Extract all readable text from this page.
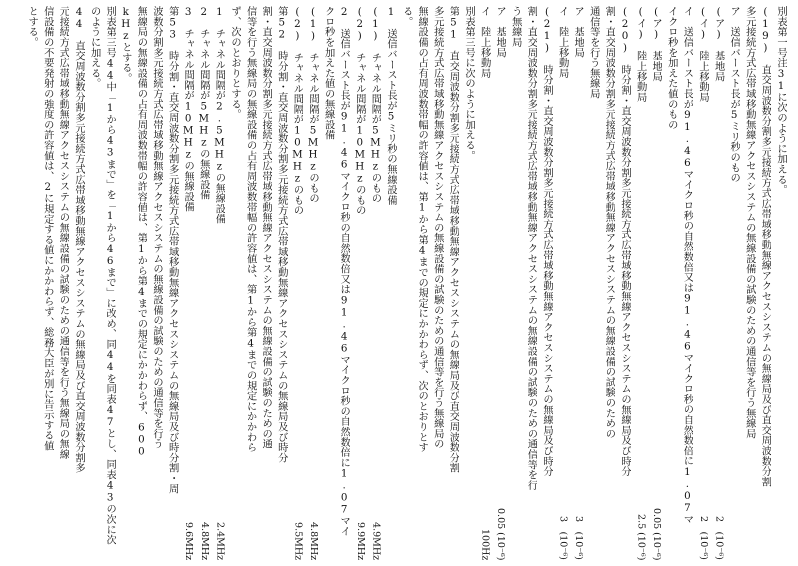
別表第一号注31に次のように加える。
(19)　直交周波数分割多元接続方式広帯域移動無線アクセスシステムの無線局及び直交周波数分割
多元接続方式広帯域移動無線アクセスシステムの無線設備の試験のための通信等を行う無線局
ア　送信バースト長が5ミリ秒のもの
(ア)　基地局
2　(10⁻⁶)
(イ)　陸上移動局
2　(10⁻⁶)
イ　送信バースト長が91.46マイクロ秒の自然数倍又は91.46マイクロ秒の自然数倍に1.07マ
イクロ秒を加えた値のもの
(ア)　基地局
0.05 (10⁻⁶)
(イ)　陸上移動局
2.5 (10⁻⁶)
(20)　時分割・直交周波数分割多元接続方式広帯域移動無線アクセスシステムの無線局及び時分
割・直交周波数分割多元接続方式広帯域移動無線アクセスシステムの無線設備の試験のための
通信等を行う無線局
ア　基地局
3　(10⁻⁶)
イ　陸上移動局
3　(10⁻⁶)
(21)　時分割・直交周波数分割多元接続方式広帯域移動無線アクセスシステムの無線局及び時分
割・直交周波数分割多元接続方式広帯域移動無線アクセスシステムの無線設備の試験のための通信等を行
う無線局
ア　基地局
0.05 (10⁻⁶)
イ　陸上移動局
100Hz
別表第三号に次のように加える。
第51　直交周波数分割多元接続方式広帯域移動無線アクセスシステムの無線局及び直交周波数分割
多元接続方式広帯域移動無線アクセスシステムの無線設備の試験のための通信等を行う無線局の
無線設備の占有周波数帯幅の許容値は、第1から第4までの規定にかかわらず、次のとおりとす
る。
1　送信バースト長が5ミリ秒の無線設備
(1)　チャネル間隔が5MHzのもの
4.9MHz
(2)　チャネル間隔が10MHzのもの
9.9MHz
2　送信バースト長が91.46マイクロ秒の自然数倍又は91.46マイクロ秒の自然数倍に1.07マイ
クロ秒を加えた値の無線設備
(1)　チャネル間隔が5MHzのもの
4.8MHz
(2)　チャネル間隔が10MHzのもの
9.5MHz
第52　時分割・直交周波数分割多元接続方式広帯域移動無線アクセスシステムの無線局及び時分
割・直交周波数分割多元接続方式広帯域移動無線アクセスシステムの無線設備の試験のための通
信等を行う無線局の無線設備の占有周波数帯幅の許容値は、第1から第4までの規定にかかわら
ず、次のとおりとする。
1　チャネル間隔が2.5MHzの無線設備
2.4MHz
2　チャネル間隔が5MHzの無線設備
4.8MHz
3　チャネル間隔が10MHzの無線設備
9.6MHz
第53　時分割・直交周波数分割多元接続方式広帯域移動無線アクセスシステムの無線局及び時分割・周
波数分割多元接続方式広帯域移動無線アクセスシステムの無線設備の試験のための通信等を行う
無線局の無線設備の占有周波数帯幅の許容値は、第1から第4までの規定にかかわらず、600
kHzとする。
別表第三号44中「1から43まで」を「1から46まで」に改め、同44を同表47とし、同表43の次に次
のように加える。
44　直交周波数分割多元接続方式広帯域移動無線アクセスシステムの無線局及び直交周波数分割多
元接続方式広帯域移動無線アクセスシステムの無線設備の試験のための通信等を行う無線局の無線
信設備の不要発射の強度の許容値は、2に規定する値にかかわらず、総務大臣が別に告示する値
とする。
